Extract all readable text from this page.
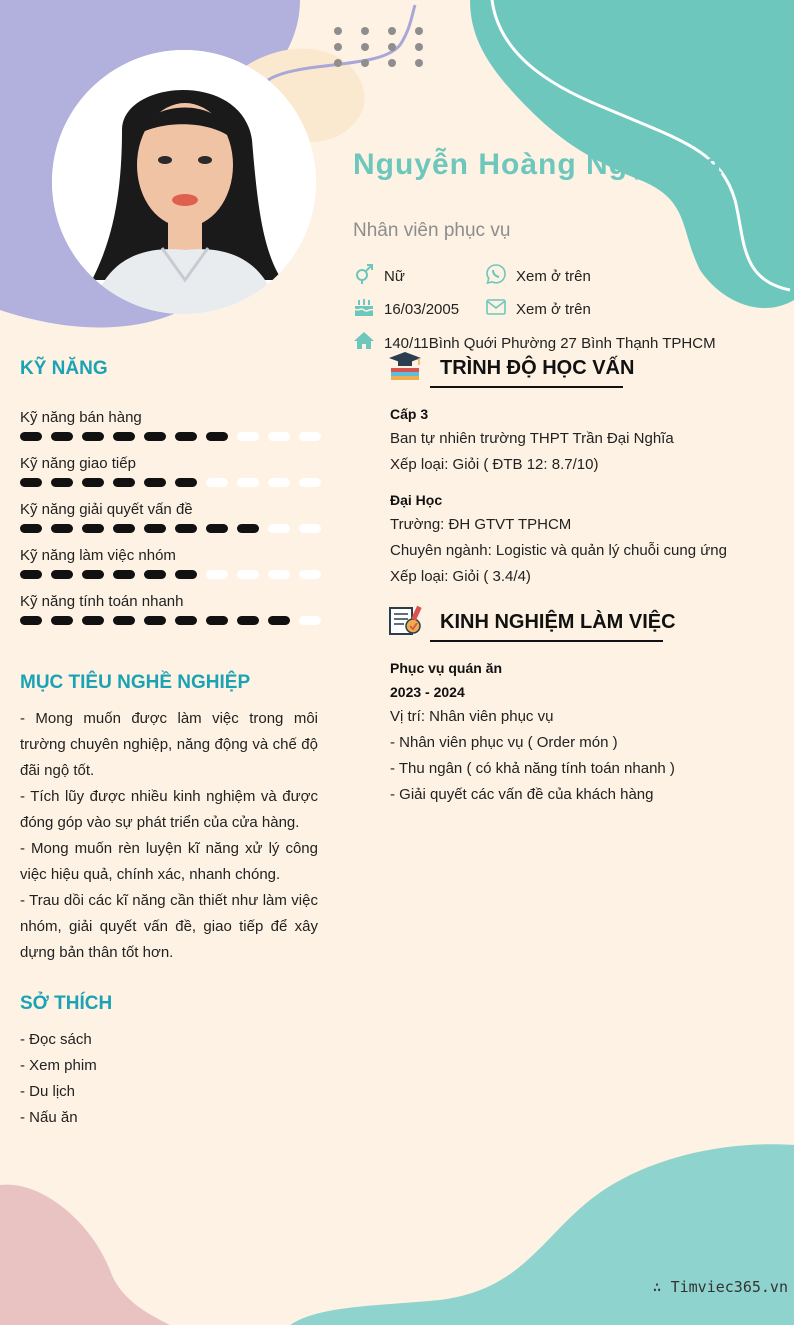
Nguyễn Hoàng Ngọc Trâm
Nhân viên phục vụ
Nữ
16/03/2005
140/11Bình Quới Phường 27 Bình Thạnh TPHCM
Xem ở trên
Xem ở trên
KỸ NĂNG
Kỹ năng bán hàng
Kỹ năng giao tiếp
Kỹ năng giải quyết vấn đề
Kỹ năng làm việc nhóm
Kỹ năng tính toán nhanh
MỤC TIÊU NGHỀ NGHIỆP
- Mong muốn được làm việc trong môi trường chuyên nghiệp, năng động và chế độ đãi ngộ tốt.
- Tích lũy được nhiều kinh nghiệm và được đóng góp vào sự phát triển của cửa hàng.
- Mong muốn rèn luyện kĩ năng xử lý công việc hiệu quả, chính xác, nhanh chóng.
- Trau dồi các kĩ năng cần thiết như làm việc nhóm, giải quyết vấn đề, giao tiếp để xây dựng bản thân tốt hơn.
SỞ THÍCH
- Đọc sách
- Xem phim
- Du lịch
- Nấu ăn
TRÌNH ĐỘ HỌC VẤN
Cấp 3
Ban tự nhiên trường THPT Trần Đại Nghĩa
Xếp loại: Giỏi ( ĐTB 12: 8.7/10)
Đại Học
Trường: ĐH GTVT TPHCM
Chuyên ngành: Logistic và quản lý chuỗi cung ứng
Xếp loại: Giỏi ( 3.4/4)
KINH NGHIỆM LÀM VIỆC
Phục vụ quán ăn
2023 - 2024
Vị trí: Nhân viên phục vụ
- Nhân viên phục vụ ( Order món )
- Thu ngân ( có khả năng tính toán nhanh )
- Giải quyết các vấn đề của khách hàng
∴ Timviec365.vn
